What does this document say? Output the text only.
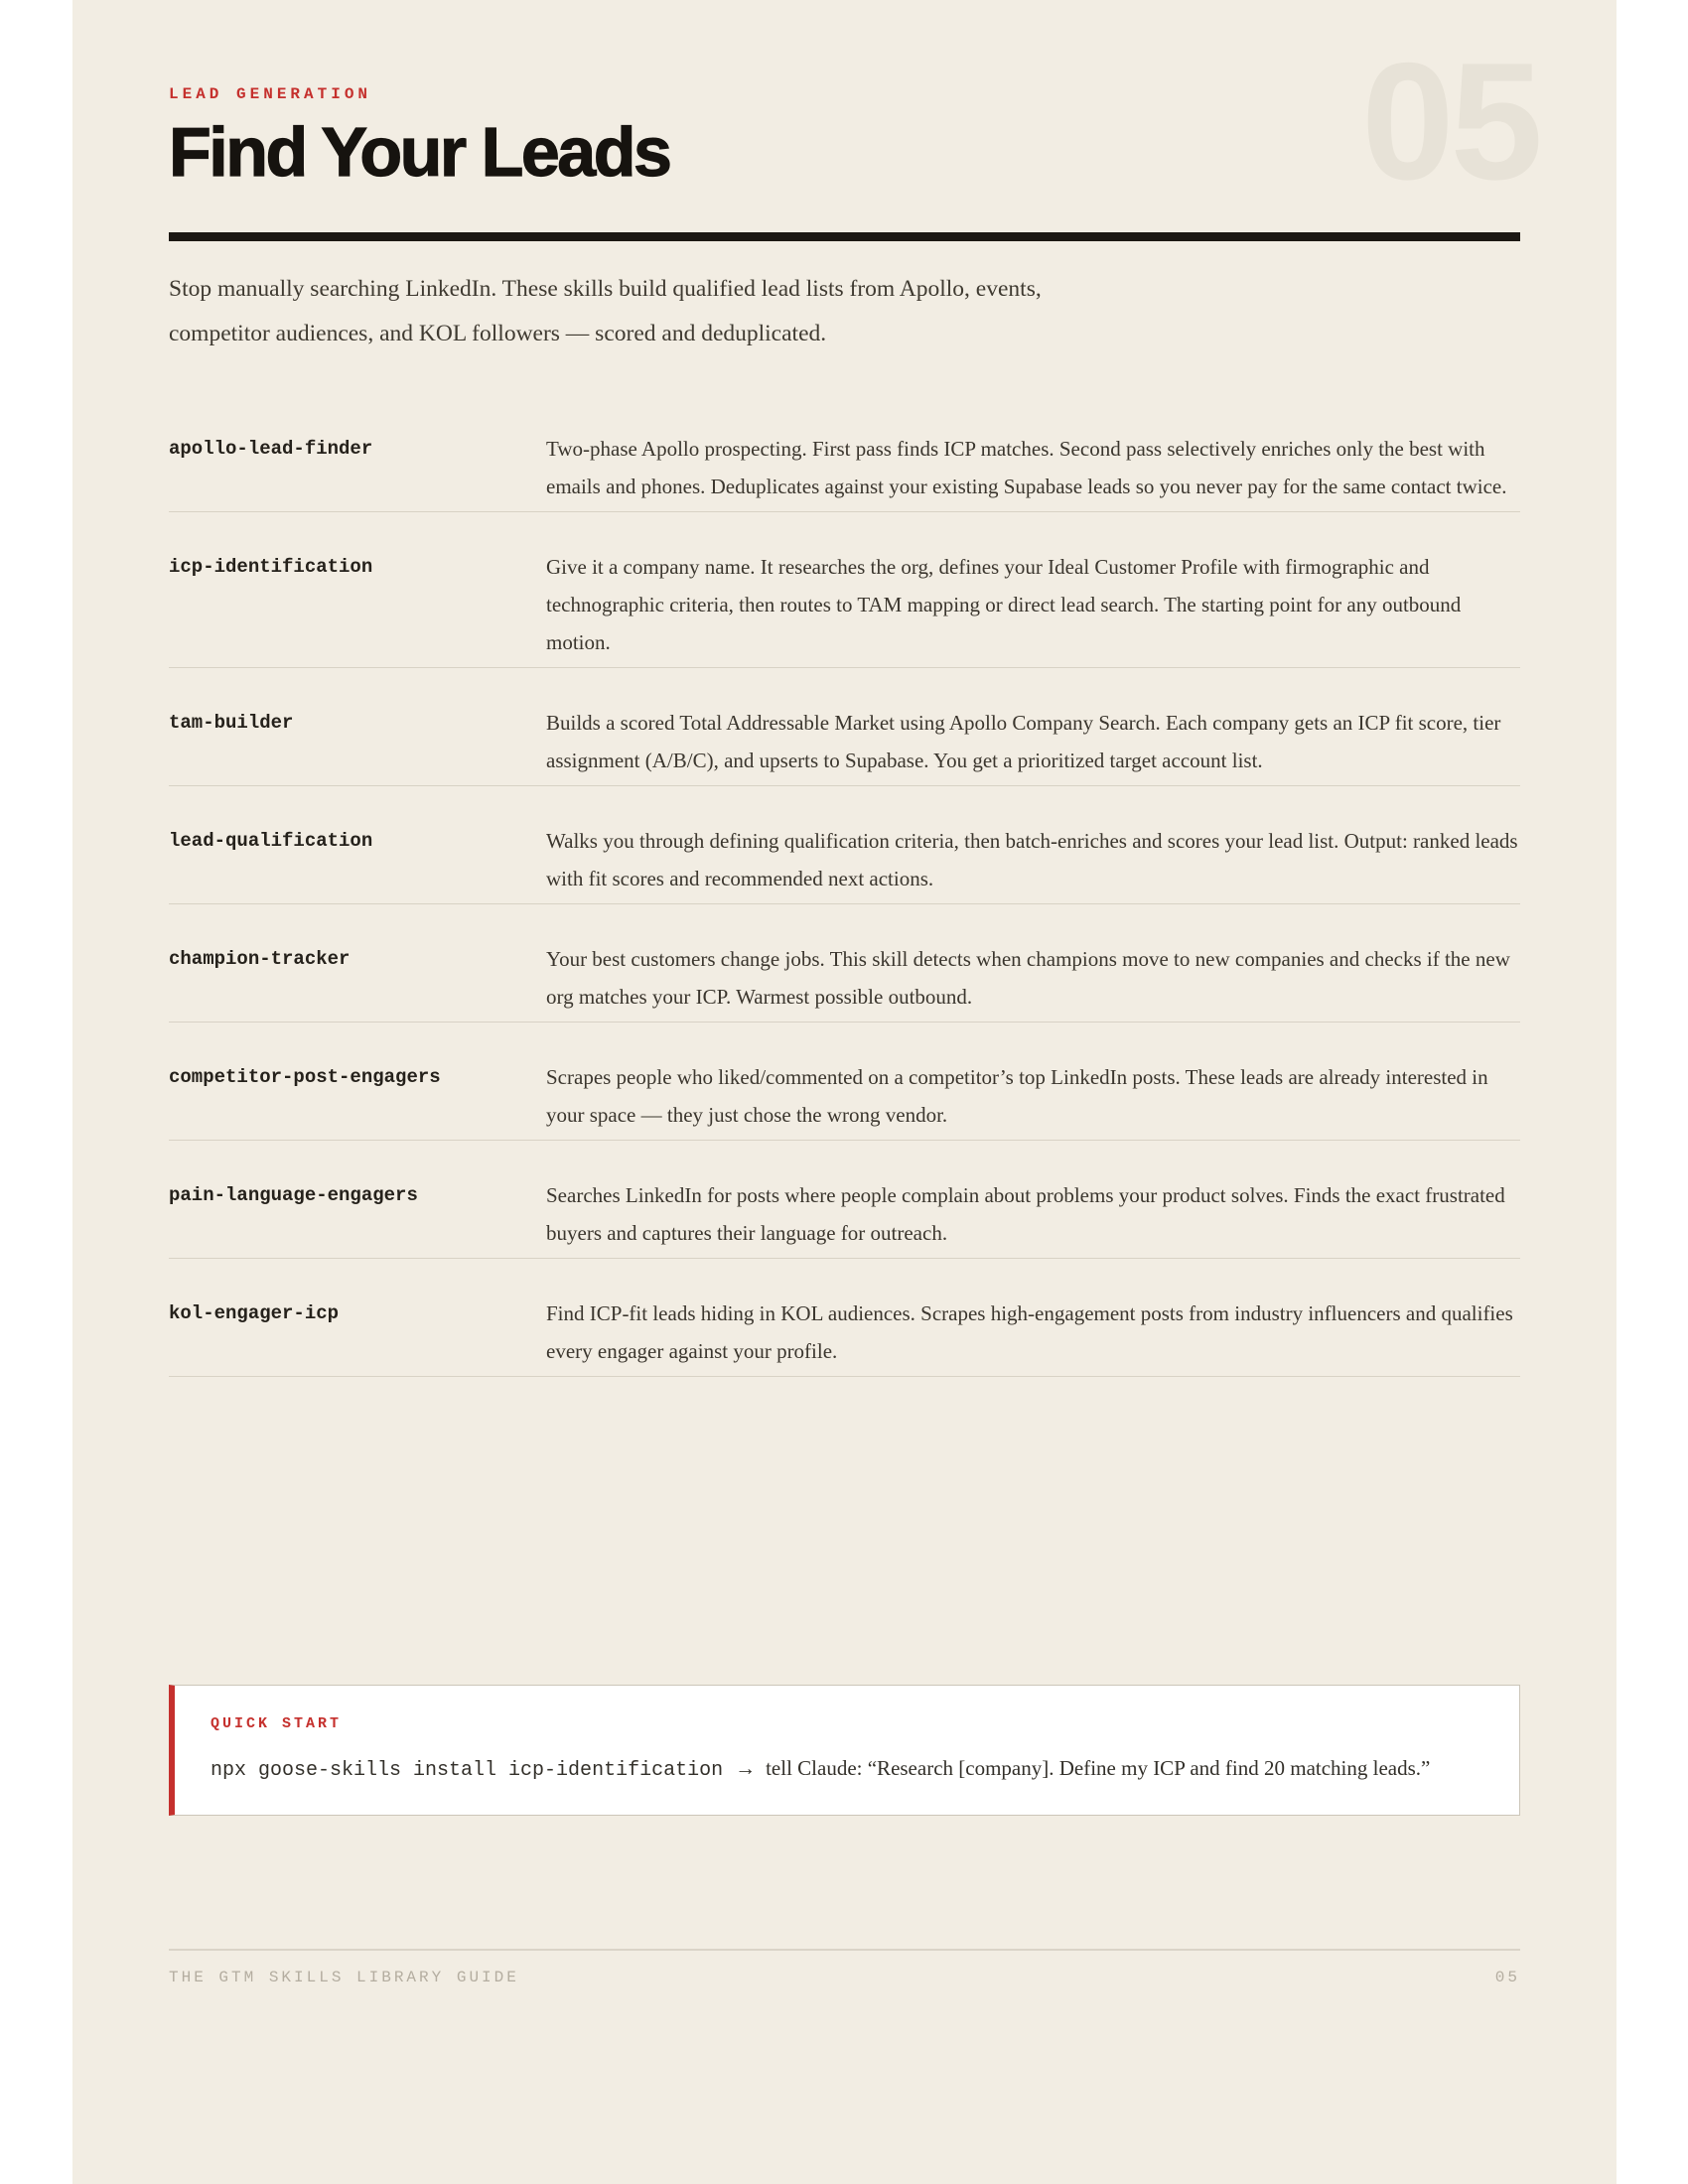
05
LEAD GENERATION
Find Your Leads

Stop manually searching LinkedIn. These skills build qualified lead lists from Apollo, events, competitor audiences, and KOL followers — scored and deduplicated.

apollo-lead-finder	Two-phase Apollo prospecting. First pass finds ICP matches. Second pass selectively enriches only the best with emails and phones. Deduplicates against your existing Supabase leads so you never pay for the same contact twice.
icp-identification	Give it a company name. It researches the org, defines your Ideal Customer Profile with firmographic and technographic criteria, then routes to TAM mapping or direct lead search. The starting point for any outbound motion.
tam-builder	Builds a scored Total Addressable Market using Apollo Company Search. Each company gets an ICP fit score, tier assignment (A/B/C), and upserts to Supabase. You get a prioritized target account list.
lead-qualification	Walks you through defining qualification criteria, then batch-enriches and scores your lead list. Output: ranked leads with fit scores and recommended next actions.
champion-tracker	Your best customers change jobs. This skill detects when champions move to new companies and checks if the new org matches your ICP. Warmest possible outbound.
competitor-post-engagers	Scrapes people who liked/commented on a competitor’s top LinkedIn posts. These leads are already interested in your space — they just chose the wrong vendor.
pain-language-engagers	Searches LinkedIn for posts where people complain about problems your product solves. Finds the exact frustrated buyers and captures their language for outreach.
kol-engager-icp	Find ICP-fit leads hiding in KOL audiences. Scrapes high-engagement posts from industry influencers and qualifies every engager against your profile.
QUICK START
npx goose-skills install icp-identification → tell Claude: “Research [company]. Define my ICP and find 20 matching leads.”
THE GTM SKILLS LIBRARY GUIDE	05
